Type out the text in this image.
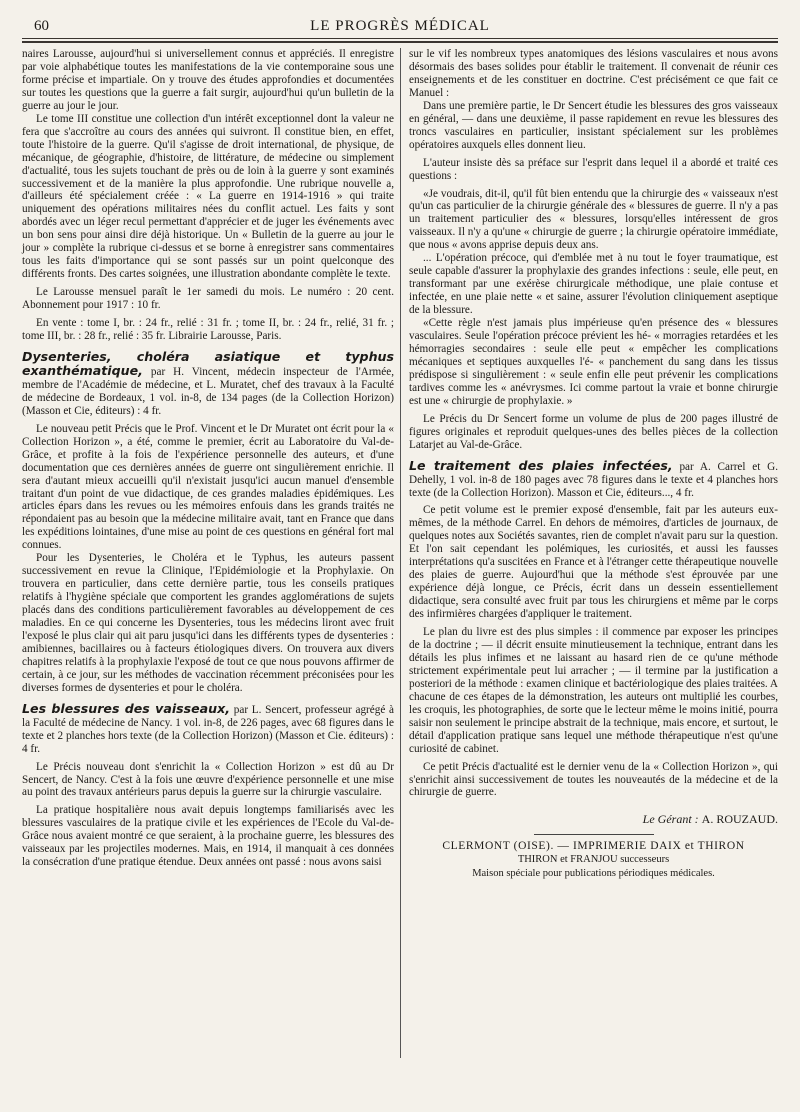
60	LE PROGRÈS MÉDICAL

naires Larousse, aujourd'hui si universellement connus et appréciés. Il enregistre par voie alphabétique toutes les manifestations de la vie contemporaine sous une forme précise et impartiale. On y trouve des études approfondies et documentées sur toutes les questions que la guerre a fait surgir, aujourd'hui qu'un bulletin de la guerre au jour le jour.

Le tome III constitue une collection d'un intérêt exceptionnel dont la valeur ne fera que s'accroître au cours des années qui suivront. Il constitue bien, en effet, toute l'histoire de la guerre. Qu'il s'agisse de droit international, de physique, de mécanique, de géographie, d'histoire, de littérature, de médecine ou simplement d'actualité, tous les sujets touchant de près ou de loin à la guerre y sont examinés successivement et de la manière la plus approfondie. Une rubrique nouvelle a, d'ailleurs été spécialement créée : « La guerre en 1914-1916 » qui traite uniquement des opérations militaires nées du conflit actuel. Les faits y sont abordés avec un léger recul permettant d'apprécier et de juger les événements avec un bon sens pour ainsi dire déjà historique. Un « Bulletin de la guerre au jour le jour » complète la rubrique ci-dessus et se borne à enregistrer sans commentaires tous les faits d'importance qui se sont passés sur un point quelconque des différents fronts. Des cartes soignées, une illustration abondante complète le texte.

Le Larousse mensuel paraît le 1er samedi du mois. Le numéro : 20 cent. Abonnement pour 1917 : 10 fr.

En vente : tome I, br. : 24 fr., relié : 31 fr. ; tome II, br. : 24 fr., relié, 31 fr. ; tome III, br. : 28 fr., relié : 35 fr. Librairie Larousse, Paris.

Dysenteries, choléra asiatique et typhus exanthématique, par H. Vincent, médecin inspecteur de l'Armée, membre de l'Académie de médecine, et L. Muratet, chef des travaux à la Faculté de médecine de Bordeaux, 1 vol. in-8, de 134 pages (de la Collection Horizon) (Masson et Cie, éditeurs) : 4 fr.

Le nouveau petit Précis que le Prof. Vincent et le Dr Muratet ont écrit pour la « Collection Horizon », a été, comme le premier, écrit au Laboratoire du Val-de-Grâce, et profite à la fois de l'expérience personnelle des auteurs, et d'une documentation que ces dernières années de guerre ont singulièrement enrichie. Il sera d'autant mieux accueilli qu'il n'existait jusqu'ici aucun manuel d'ensemble traitant d'un point de vue didactique, de ces grandes maladies épidémiques. Les articles épars dans les revues ou les mémoires enfouis dans les grands traités ne répondaient pas au besoin que la médecine militaire avait, tant en France que dans les expéditions lointaines, d'une mise au point de ces questions en général fort mal connues.

Pour les Dysenteries, le Choléra et le Typhus, les auteurs passent successivement en revue la Clinique, l'Epidémiologie et la Prophylaxie. On trouvera en particulier, dans cette dernière partie, tous les conseils pratiques relatifs à l'hygiène spéciale que comportent les grandes agglomérations de sujets placés dans des conditions particulièrement favorables au développement de ces maladies. En ce qui concerne les Dysenteries, tous les médecins liront avec fruit l'exposé le plus clair qui ait paru jusqu'ici dans les différents types de dysenteries : amibiennes, bacillaires ou à facteurs étiologiques divers. On trouvera aux divers chapitres relatifs à la prophylaxie l'exposé de tout ce que nous pouvons affirmer de certain, à ce jour, sur les méthodes de vaccination récemment préconisées pour les diverses formes de dysenteries et pour le choléra.

Les blessures des vaisseaux, par L. Sencert, professeur agrégé à la Faculté de médecine de Nancy. 1 vol. in-8, de 226 pages, avec 68 figures dans le texte et 2 planches hors texte (de la Collection Horizon) (Masson et Cie. éditeurs) : 4 fr.

Le Précis nouveau dont s'enrichit la « Collection Horizon » est dû au Dr Sencert, de Nancy. C'est à la fois une œuvre d'expérience personnelle et une mise au point des travaux antérieurs parus depuis la guerre sur la chirurgie vasculaire.

La pratique hospitalière nous avait depuis longtemps familiarisés avec les blessures vasculaires de la pratique civile et les expériences de l'Ecole du Val-de-Grâce nous avaient montré ce que seraient, à la prochaine guerre, les blessures des vaisseaux par les projectiles modernes. Mais, en 1914, il manquait à ces données la consécration d'une pratique étendue. Deux années ont passé : nous avons saisi

sur le vif les nombreux types anatomiques des lésions vasculaires et nous avons désormais des bases solides pour établir le traitement. Il convenait de réunir ces enseignements et de les constituer en doctrine. C'est précisément ce que fait ce Manuel :

Dans une première partie, le Dr Sencert étudie les blessures des gros vaisseaux en général, — dans une deuxième, il passe rapidement en revue les blessures des troncs vasculaires en particulier, insistant spécialement sur les problèmes opératoires auxquels elles donnent lieu.

L'auteur insiste dès sa préface sur l'esprit dans lequel il a abordé et traité ces questions :

«Je voudrais, dit-il, qu'il fût bien entendu que la chirurgie des « vaisseaux n'est qu'un cas particulier de la chirurgie générale des « blessures de guerre. Il n'y a pas un traitement particulier des « blessures, lorsqu'elles intéressent de gros vaisseaux. Il n'y a qu'une « chirurgie de guerre ; la chirurgie opératoire immédiate, que nous « avons apprise depuis deux ans.

... L'opération précoce, qui d'emblée met à nu tout le foyer traumatique, est seule capable d'assurer la prophylaxie des grandes infections : seule, elle peut, en transformant par une exérèse chirurgicale méthodique, une plaie contuse et infectée, en une plaie nette « et saine, assurer l'évolution cliniquement aseptique de la blessure.

«Cette règle n'est jamais plus impérieuse qu'en présence des « blessures vasculaires. Seule l'opération précoce prévient les hé- « morragies retardées et les hémorragies secondaires : seule elle peut « empêcher les complications mécaniques et septiques auxquelles l'é- « panchement du sang dans les tissus prédispose si singulièrement : « seule enfin elle peut prévenir les complications tardives comme les « anévrysmes. Ici comme partout la vraie et bonne chirurgie est une « chirurgie de prophylaxie. »

Le Précis du Dr Sencert forme un volume de plus de 200 pages illustré de figures originales et reproduit quelques-unes des belles pièces de la collection Latarjet au Val-de-Grâce.

Le traitement des plaies infectées, par A. Carrel et G. Dehelly, 1 vol. in-8 de 180 pages avec 78 figures dans le texte et 4 planches hors texte (de la Collection Horizon). Masson et Cie, éditeurs..., 4 fr.

Ce petit volume est le premier exposé d'ensemble, fait par les auteurs eux-mêmes, de la méthode Carrel. En dehors de mémoires, d'articles de journaux, de quelques notes aux Sociétés savantes, rien de complet n'avait paru sur la question. Et l'on sait cependant les polémiques, les curiosités, et aussi les fausses interprétations qu'a suscitées en France et à l'étranger cette thérapeutique nouvelle des plaies de guerre. Aujourd'hui que la méthode s'est éprouvée par une expérience déjà longue, ce Précis, écrit dans un dessein essentiellement didactique, sera consulté avec fruit par tous les chirurgiens et même par le corps des infirmières chargées d'appliquer le traitement.

Le plan du livre est des plus simples : il commence par exposer les principes de la doctrine ; — il décrit ensuite minutieusement la technique, entrant dans les détails les plus infimes et ne laissant au hasard rien de ce qu'une méthode strictement expérimentale peut lui arracher ; — il termine par la justification a posteriori de la méthode : examen clinique et bactériologique des plaies traitées. A chacune de ces étapes de la démonstration, les auteurs ont multiplié les courbes, les croquis, les photographies, de sorte que le lecteur même le moins initié, pourra saisir non seulement le principe abstrait de la technique, mais encore, et surtout, le détail d'application pratique sans lequel une méthode thérapeutique n'est qu'une curiosité de cabinet.

Ce petit Précis d'actualité est le dernier venu de la « Collection Horizon », qui s'enrichit ainsi successivement de toutes les nouveautés de la médecine et de la chirurgie de guerre.

Le Gérant : A. ROUZAUD.

CLERMONT (OISE). — IMPRIMERIE DAIX et THIRON

THIRON et FRANJOU successeurs

Maison spéciale pour publications périodiques médicales.
